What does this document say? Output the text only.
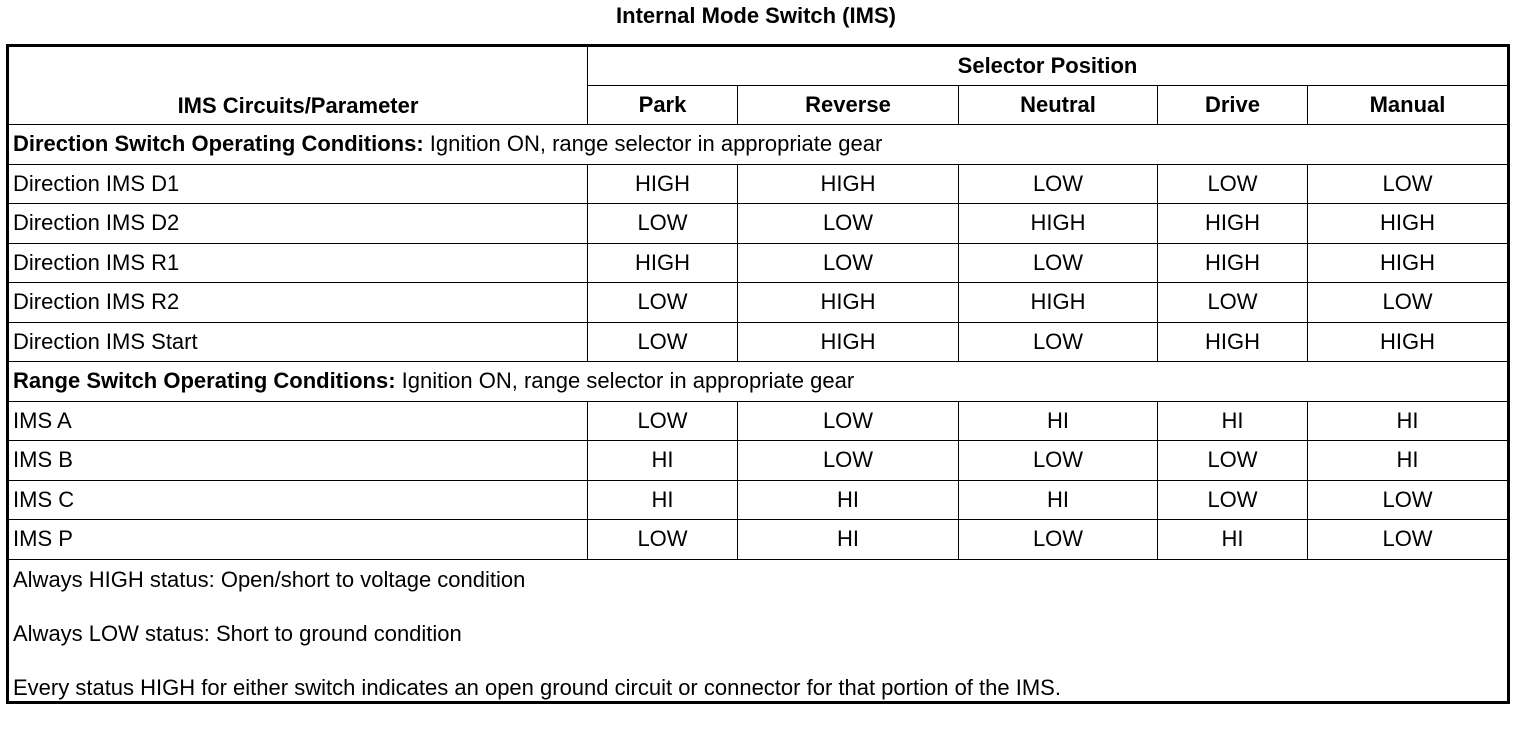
Internal Mode Switch (IMS)
IMS Circuits/Parameter	Selector Position				
	Park	Reverse	Neutral	Drive	Manual
Direction Switch Operating Conditions: Ignition ON, range selector in appropriate gear					
Direction IMS D1	HIGH	HIGH	LOW	LOW	LOW
Direction IMS D2	LOW	LOW	HIGH	HIGH	HIGH
Direction IMS R1	HIGH	LOW	LOW	HIGH	HIGH
Direction IMS R2	LOW	HIGH	HIGH	LOW	LOW
Direction IMS Start	LOW	HIGH	LOW	HIGH	HIGH
Range Switch Operating Conditions: Ignition ON, range selector in appropriate gear					
IMS A	LOW	LOW	HI	HI	HI
IMS B	HI	LOW	LOW	LOW	HI
IMS C	HI	HI	HI	LOW	LOW
IMS P	LOW	HI	LOW	HI	LOW

Always HIGH status: Open/short to voltage condition
Always LOW status: Short to ground condition
Every status HIGH for either switch indicates an open ground circuit or connector for that portion of the IMS.					
